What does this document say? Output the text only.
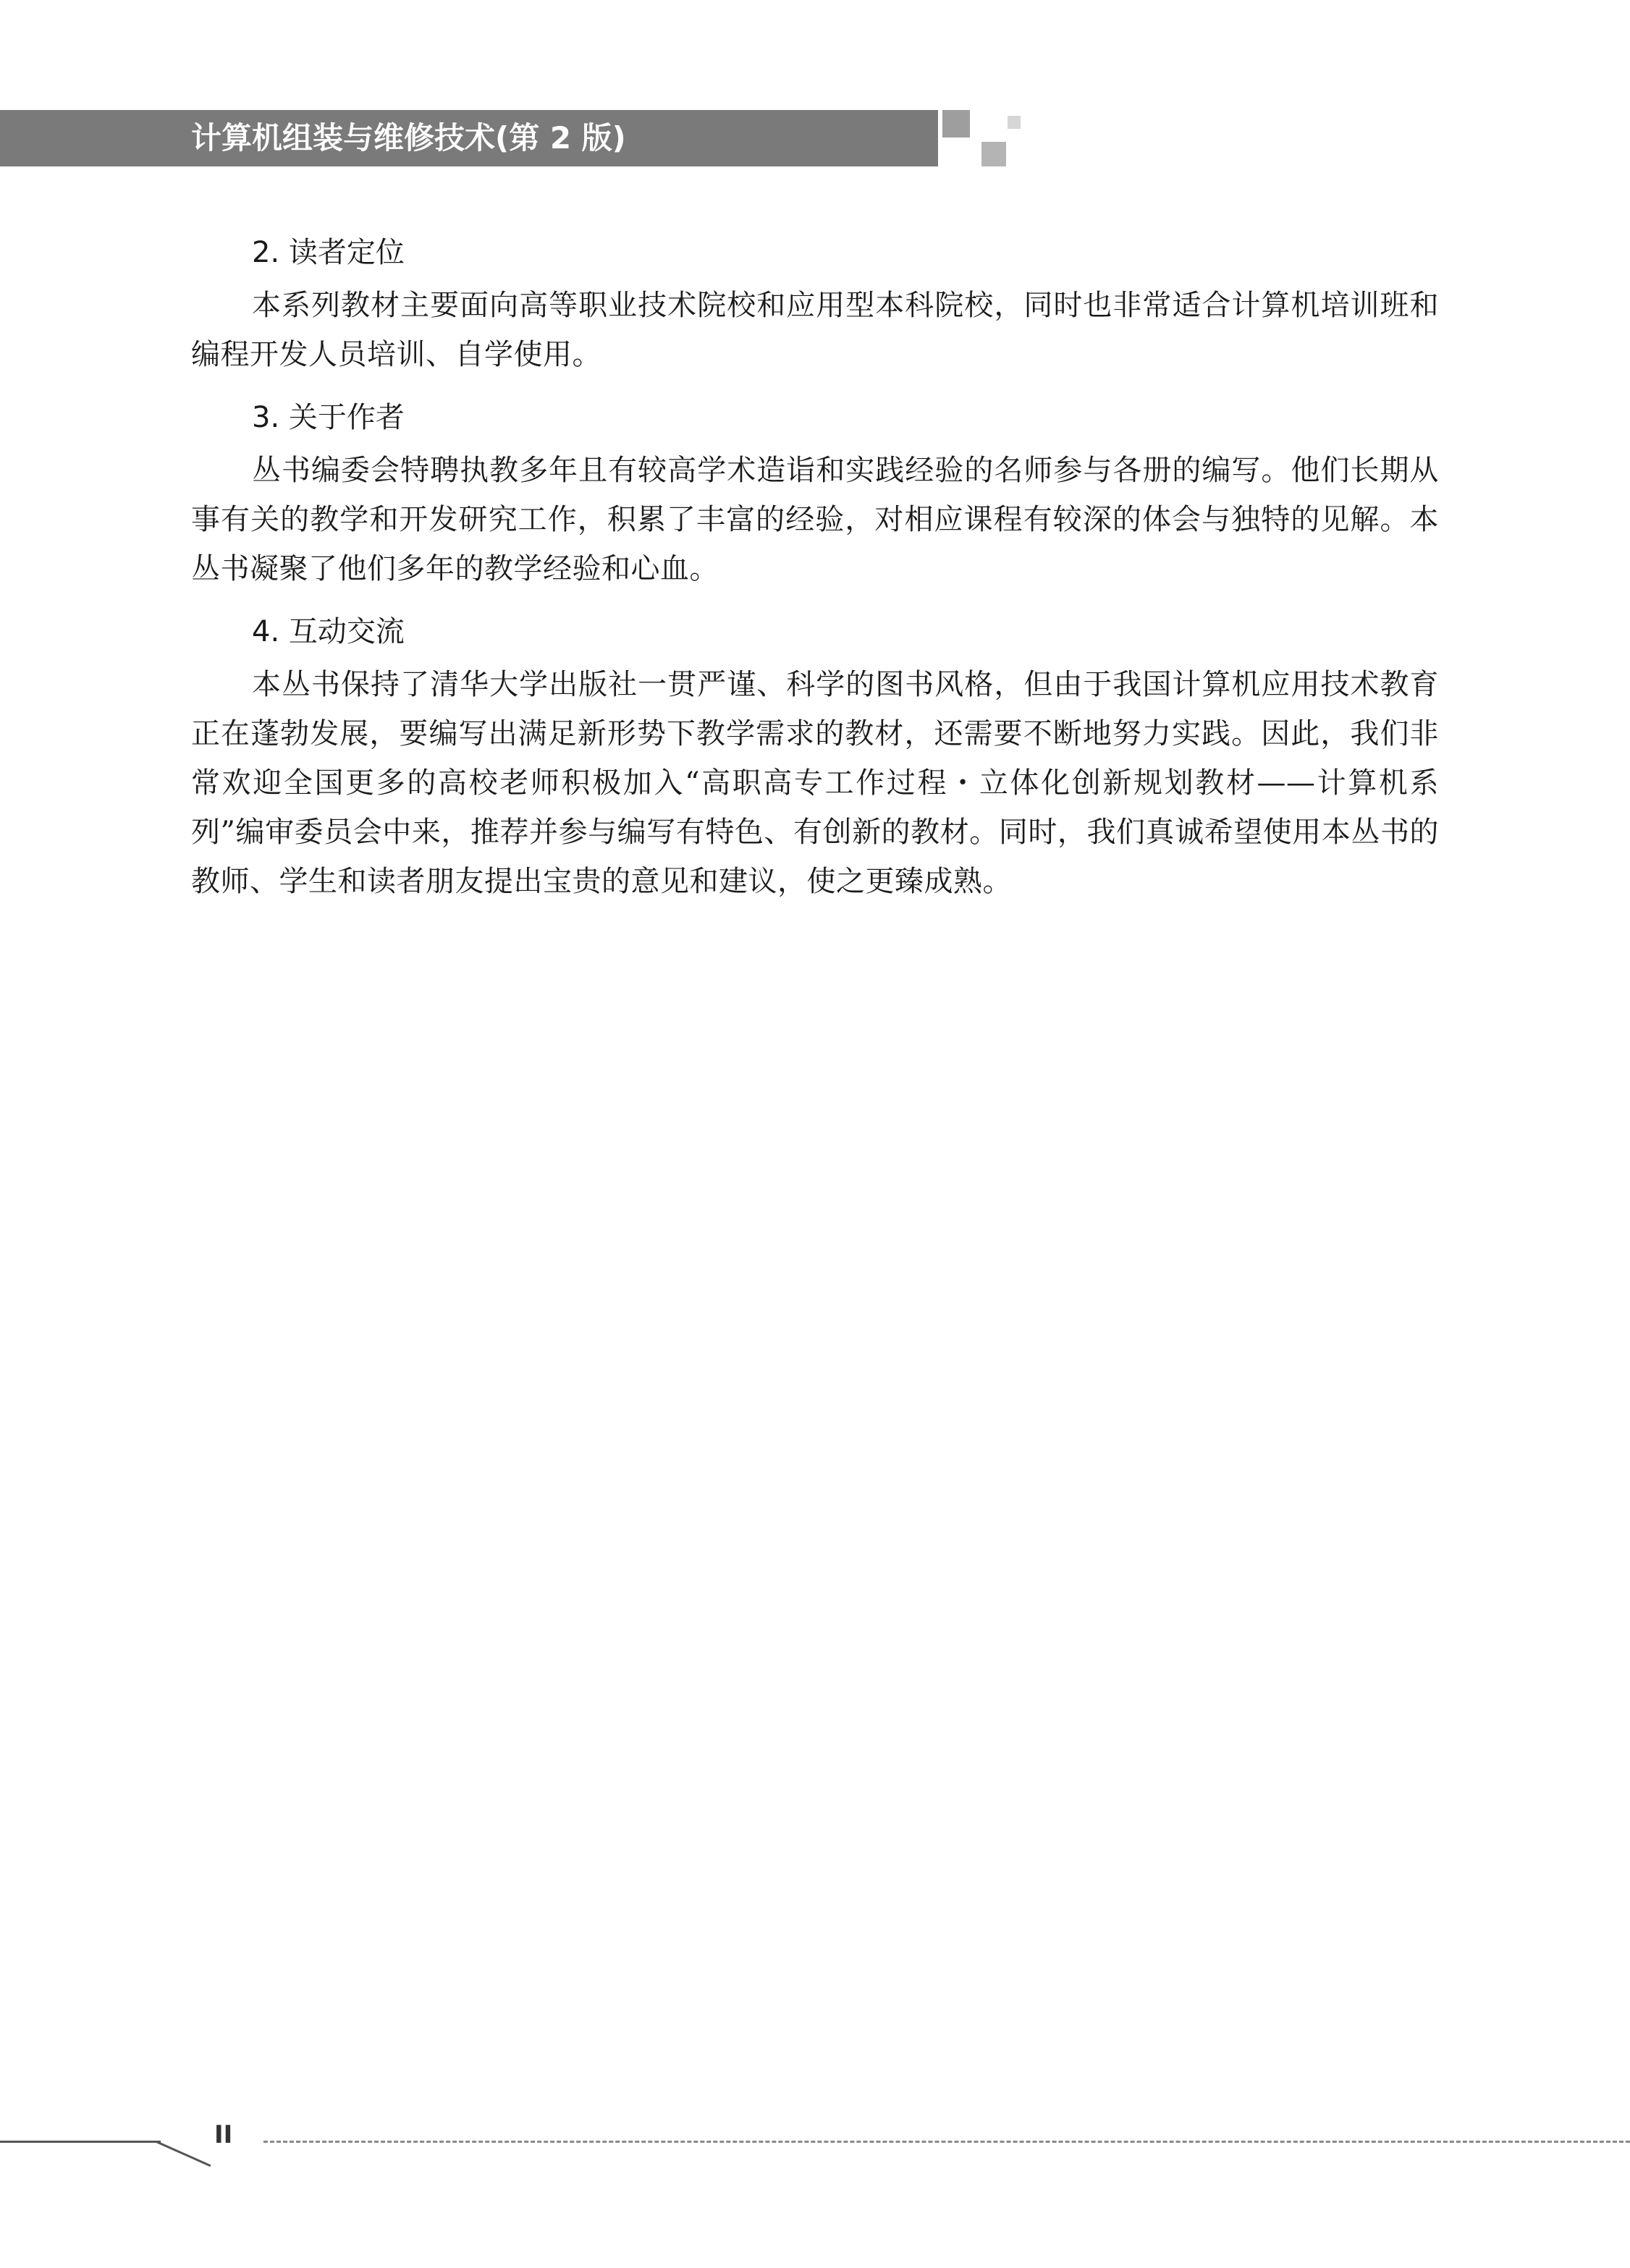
计算机组装与维修技术(第 2 版)
2. 读者定位

本系列教材主要面向高等职业技术院校和应用型本科院校，同时也非常适合计算机培训班和编程开发人员培训、自学使用。

3. 关于作者

丛书编委会特聘执教多年且有较高学术造诣和实践经验的名师参与各册的编写。他们长期从事有关的教学和开发研究工作，积累了丰富的经验，对相应课程有较深的体会与独特的见解。本丛书凝聚了他们多年的教学经验和心血。

4. 互动交流

本丛书保持了清华大学出版社一贯严谨、科学的图书风格，但由于我国计算机应用技术教育正在蓬勃发展，要编写出满足新形势下教学需求的教材，还需要不断地努力实践。因此，我们非常欢迎全国更多的高校老师积极加入“高职高专工作过程・立体化创新规划教材——计算机系列”编审委员会中来，推荐并参与编写有特色、有创新的教材。同时，我们真诚希望使用本丛书的教师、学生和读者朋友提出宝贵的意见和建议，使之更臻成熟。

II
